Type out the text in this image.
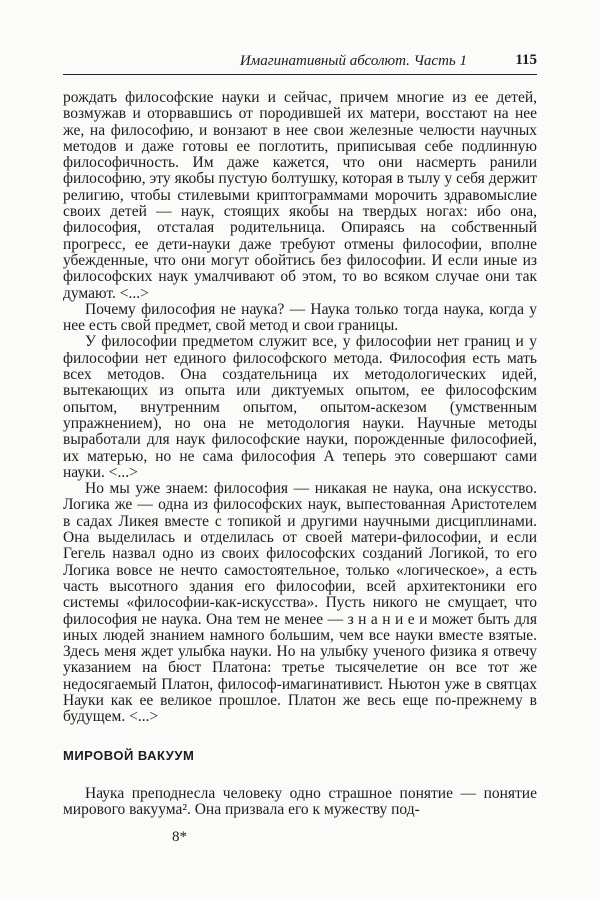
Имагинативный абсолют. Часть 1	115

рождать философские науки и сейчас, причем многие из ее детей, возмужав и оторвавшись от породившей их матери, восстают на нее же, на философию, и вонзают в нее свои железные челюсти научных методов и даже готовы ее поглотить, приписывая себе подлинную философичность. Им даже кажется, что они насмерть ранили философию, эту якобы пустую болтушку, которая в тылу у себя держит религию, чтобы стилевыми криптограммами морочить здравомыслие своих детей — наук, стоящих якобы на твердых ногах: ибо она, философия, отсталая родительница. Опираясь на собственный прогресс, ее дети-науки даже требуют отмены философии, вполне убежденные, что они могут обойтись без философии. И если иные из философских наук умалчивают об этом, то во всяком случае они так думают. <...>

Почему философия не наука? — Наука только тогда наука, когда у нее есть свой предмет, свой метод и свои границы.

У философии предметом служит все, у философии нет границ и у философии нет единого философского метода. Философия есть мать всех методов. Она создательница их методологических идей, вытекающих из опыта или диктуемых опытом, ее философским опытом, внутренним опытом, опытом-аскезом (умственным упражнением), но она не методология науки. Научные методы выработали для наук философские науки, порожденные философией, их матерью, но не сама философия А теперь это совершают сами науки. <...>

Но мы уже знаем: философия — никакая не наука, она искусство. Логика же — одна из философских наук, выпестованная Аристотелем в садах Ликея вместе с топикой и другими научными дисциплинами. Она выделилась и отделилась от своей матери-философии, и если Гегель назвал одно из своих философских созданий Логикой, то его Логика вовсе не нечто самостоятельное, только «логическое», а есть часть высотного здания его философии, всей архитектоники его системы «философии-как-искусства». Пусть никого не смущает, что философия не наука. Она тем не менее — з н а н и е и может быть для иных людей знанием намного большим, чем все науки вместе взятые. Здесь меня ждет улыбка науки. Но на улыбку ученого физика я отвечу указанием на бюст Платона: третье тысячелетие он все тот же недосягаемый Платон, философ-имагинативист. Ньютон уже в святцах Науки как ее великое прошлое. Платон же весь еще по-прежнему в будущем. <...>

МИРОВОЙ ВАКУУМ

Наука преподнесла человеку одно страшное понятие — понятие мирового вакуума². Она призвала его к мужеству под-

8*
